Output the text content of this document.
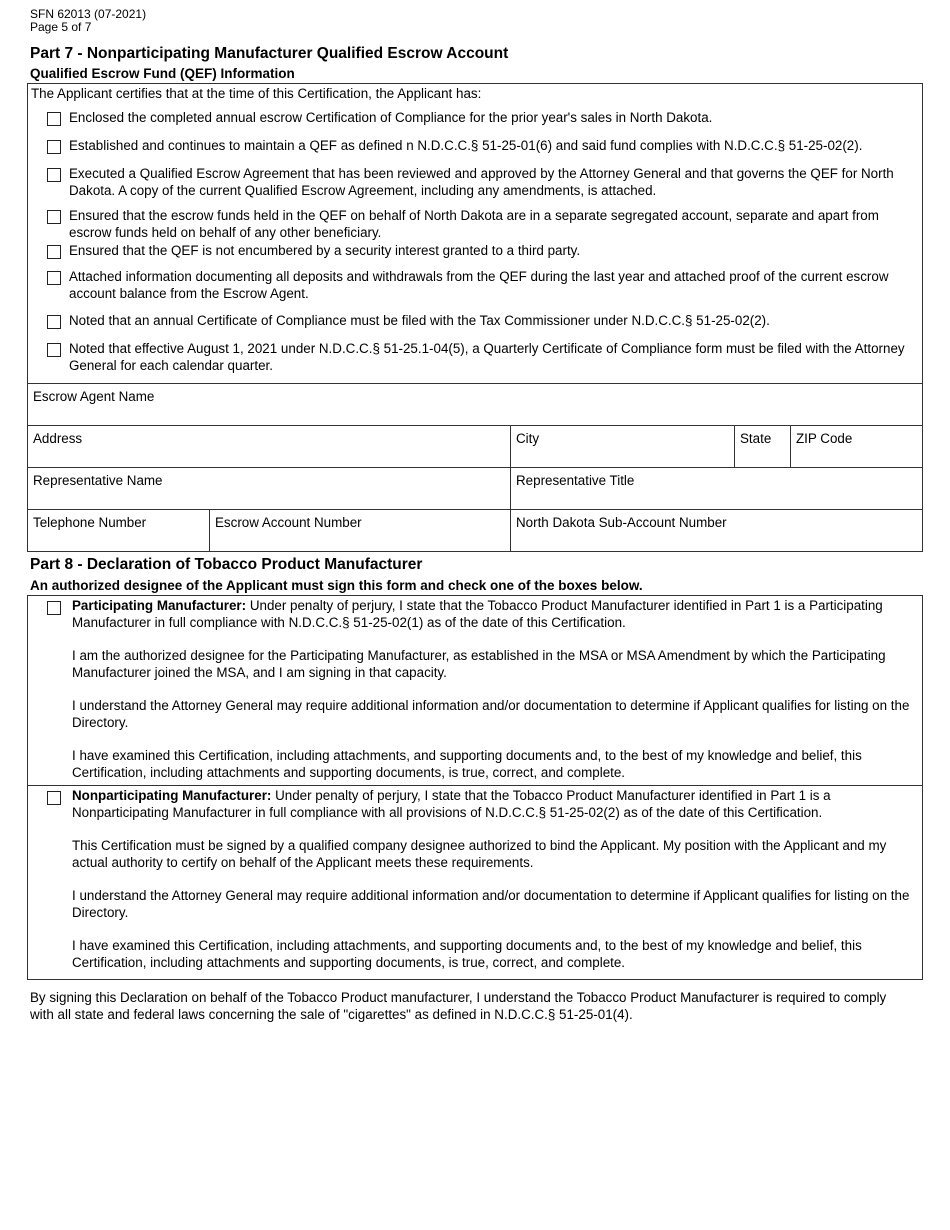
SFN 62013 (07-2021)
Page 5 of 7
Part 7 - Nonparticipating Manufacturer Qualified Escrow Account
Qualified Escrow Fund (QEF) Information
The Applicant certifies that at the time of this Certification, the Applicant has:
Enclosed the completed annual escrow Certification of Compliance for the prior year's sales in North Dakota.
Established and continues to maintain a QEF as defined n N.D.C.C.§ 51-25-01(6) and said fund complies with N.D.C.C.§ 51-25-02(2).
Executed a Qualified Escrow Agreement that has been reviewed and approved by the Attorney General and that governs the QEF for North Dakota. A copy of the current Qualified Escrow Agreement, including any amendments, is attached.
Ensured that the escrow funds held in the QEF on behalf of North Dakota are in a separate segregated account, separate and apart from escrow funds held on behalf of any other beneficiary.
Ensured that the QEF is not encumbered by a security interest granted to a third party.
Attached information documenting all deposits and withdrawals from the QEF during the last year and attached proof of the current escrow account balance from the Escrow Agent.
Noted that an annual Certificate of Compliance must be filed with the Tax Commissioner under N.D.C.C.§ 51-25-02(2).
Noted that effective August 1, 2021 under N.D.C.C.§ 51-25.1-04(5), a Quarterly Certificate of Compliance form must be filed with the Attorney General for each calendar quarter.
Escrow Agent Name
Address	City	State	ZIP Code
Representative Name	Representative Title
Telephone Number	Escrow Account Number	North Dakota Sub-Account Number
Part 8 - Declaration of Tobacco Product Manufacturer
An authorized designee of the Applicant must sign this form and check one of the boxes below.
Participating Manufacturer: Under penalty of perjury, I state that the Tobacco Product Manufacturer identified in Part 1 is a Participating Manufacturer in full compliance with N.D.C.C.§ 51-25-02(1) as of the date of this Certification.
I am the authorized designee for the Participating Manufacturer, as established in the MSA or MSA Amendment by which the Participating Manufacturer joined the MSA, and I am signing in that capacity.
I understand the Attorney General may require additional information and/or documentation to determine if Applicant qualifies for listing on the Directory.
I have examined this Certification, including attachments, and supporting documents and, to the best of my knowledge and belief, this Certification, including attachments and supporting documents, is true, correct, and complete.
Nonparticipating Manufacturer: Under penalty of perjury, I state that the Tobacco Product Manufacturer identified in Part 1 is a Nonparticipating Manufacturer in full compliance with all provisions of N.D.C.C.§ 51-25-02(2) as of the date of this Certification.
This Certification must be signed by a qualified company designee authorized to bind the Applicant. My position with the Applicant and my actual authority to certify on behalf of the Applicant meets these requirements.
I understand the Attorney General may require additional information and/or documentation to determine if Applicant qualifies for listing on the Directory.
I have examined this Certification, including attachments, and supporting documents and, to the best of my knowledge and belief, this Certification, including attachments and supporting documents, is true, correct, and complete.
By signing this Declaration on behalf of the Tobacco Product manufacturer, I understand the Tobacco Product Manufacturer is required to comply with all state and federal laws concerning the sale of "cigarettes" as defined in N.D.C.C.§ 51-25-01(4).
